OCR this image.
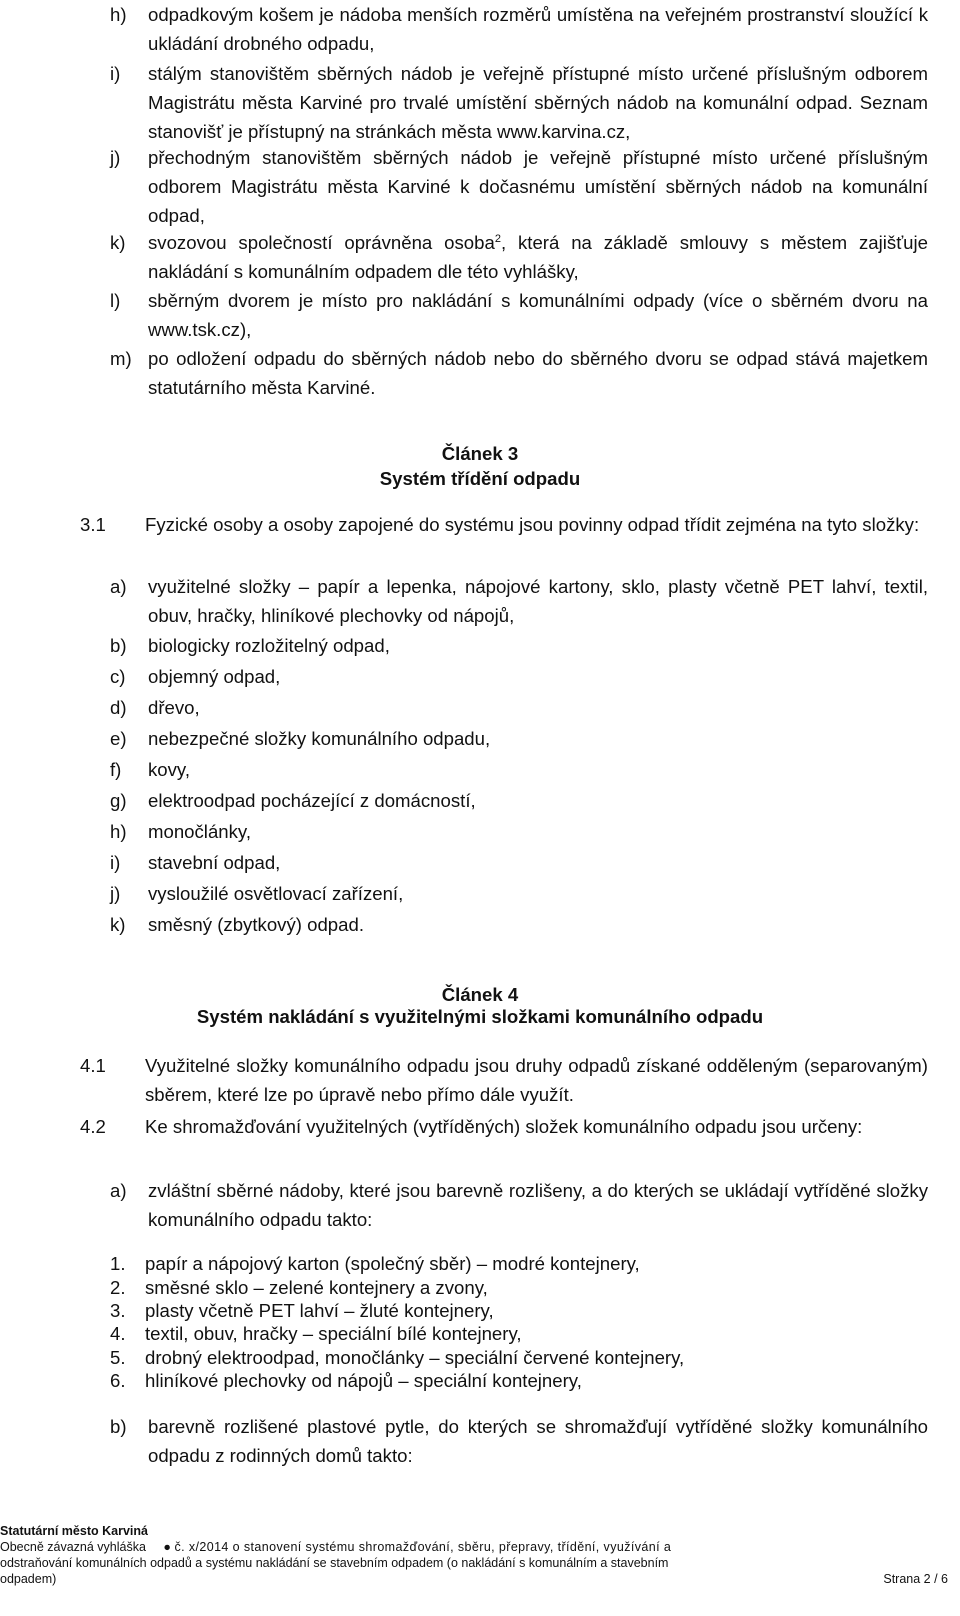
h) odpadkovým košem je nádoba menších rozměrů umístěna na veřejném prostranství sloužící k ukládání drobného odpadu,
i) stálým stanovištěm sběrných nádob je veřejně přístupné místo určené příslušným odborem Magistrátu města Karviné pro trvalé umístění sběrných nádob na komunální odpad. Seznam stanovišť je přístupný na stránkách města www.karvina.cz,
j) přechodným stanovištěm sběrných nádob je veřejně přístupné místo určené příslušným odborem Magistrátu města Karviné k dočasnému umístění sběrných nádob na komunální odpad,
k) svozovou společností oprávněna osoba$^2$, která na základě smlouvy s městem zajišťuje nakládání s komunálním odpadem dle této vyhlášky,
l) sběrným dvorem je místo pro nakládání s komunálními odpady (více o sběrném dvoru na www.tsk.cz),
m) po odložení odpadu do sběrných nádob nebo do sběrného dvoru se odpad stává majetkem statutárního města Karviné.
Článek 3
Systém třídění odpadu
3.1 Fyzické osoby a osoby zapojené do systému jsou povinny odpad třídit zejména na tyto složky:
a) využitelné složky – papír a lepenka, nápojové kartony, sklo, plasty včetně PET lahví, textil, obuv, hračky, hliníkové plechovky od nápojů,
b) biologicky rozložitelný odpad,
c) objemný odpad,
d) dřevo,
e) nebezpečné složky komunálního odpadu,
f) kovy,
g) elektroodpad pocházející z domácností,
h) monočlánky,
i) stavební odpad,
j) vysloužilé osvětlovací zařízení,
k) směsný (zbytkový) odpad.
Článek 4
Systém nakládání s využitelnými složkami komunálního odpadu
4.1 Využitelné složky komunálního odpadu jsou druhy odpadů získané odděleným (separovaným) sběrem, které lze po úpravě nebo přímo dále využít.
4.2 Ke shromažďování využitelných (vytříděných) složek komunálního odpadu jsou určeny:
a) zvláštní sběrné nádoby, které jsou barevně rozlišeny, a do kterých se ukládají vytříděné složky komunálního odpadu takto:
1. papír a nápojový karton (společný sběr) – modré kontejnery,
2. směsné sklo – zelené kontejnery a zvony,
3. plasty včetně PET lahví – žluté kontejnery,
4. textil, obuv, hračky – speciální bílé kontejnery,
5. drobný elektroodpad, monočlánky – speciální červené kontejnery,
6. hliníkové plechovky od nápojů – speciální kontejnery,
b) barevně rozlišené plastové pytle, do kterých se shromažďují vytříděné složky komunálního odpadu z rodinných domů takto:
Statutární město Karviná
Obecně závazná vyhláška ● č. x/2014 o stanovení systému shromažďování, sběru, přepravy, třídění, využívání a
odstraňování komunálních odpadů a systému nakládání se stavebním odpadem (o nakládání s komunálním a stavebním
odpadem)	Strana 2 / 6
